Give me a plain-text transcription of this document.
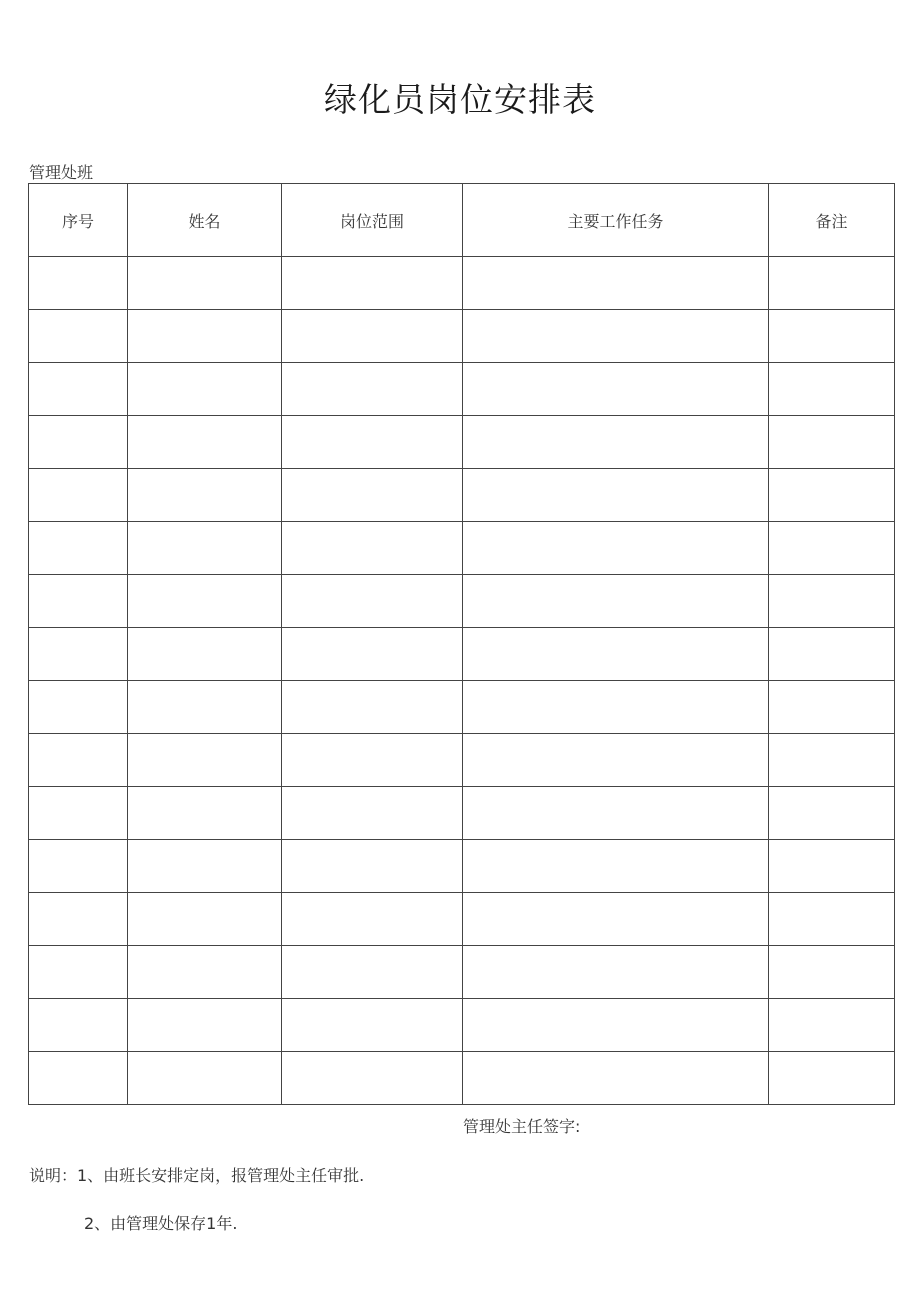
绿化员岗位安排表
管理处班
序号	姓名	岗位范围	主要工作任务	备注

管理处主任签字:
说明：1、由班长安排定岗，报管理处主任审批.
2、由管理处保存1年.
